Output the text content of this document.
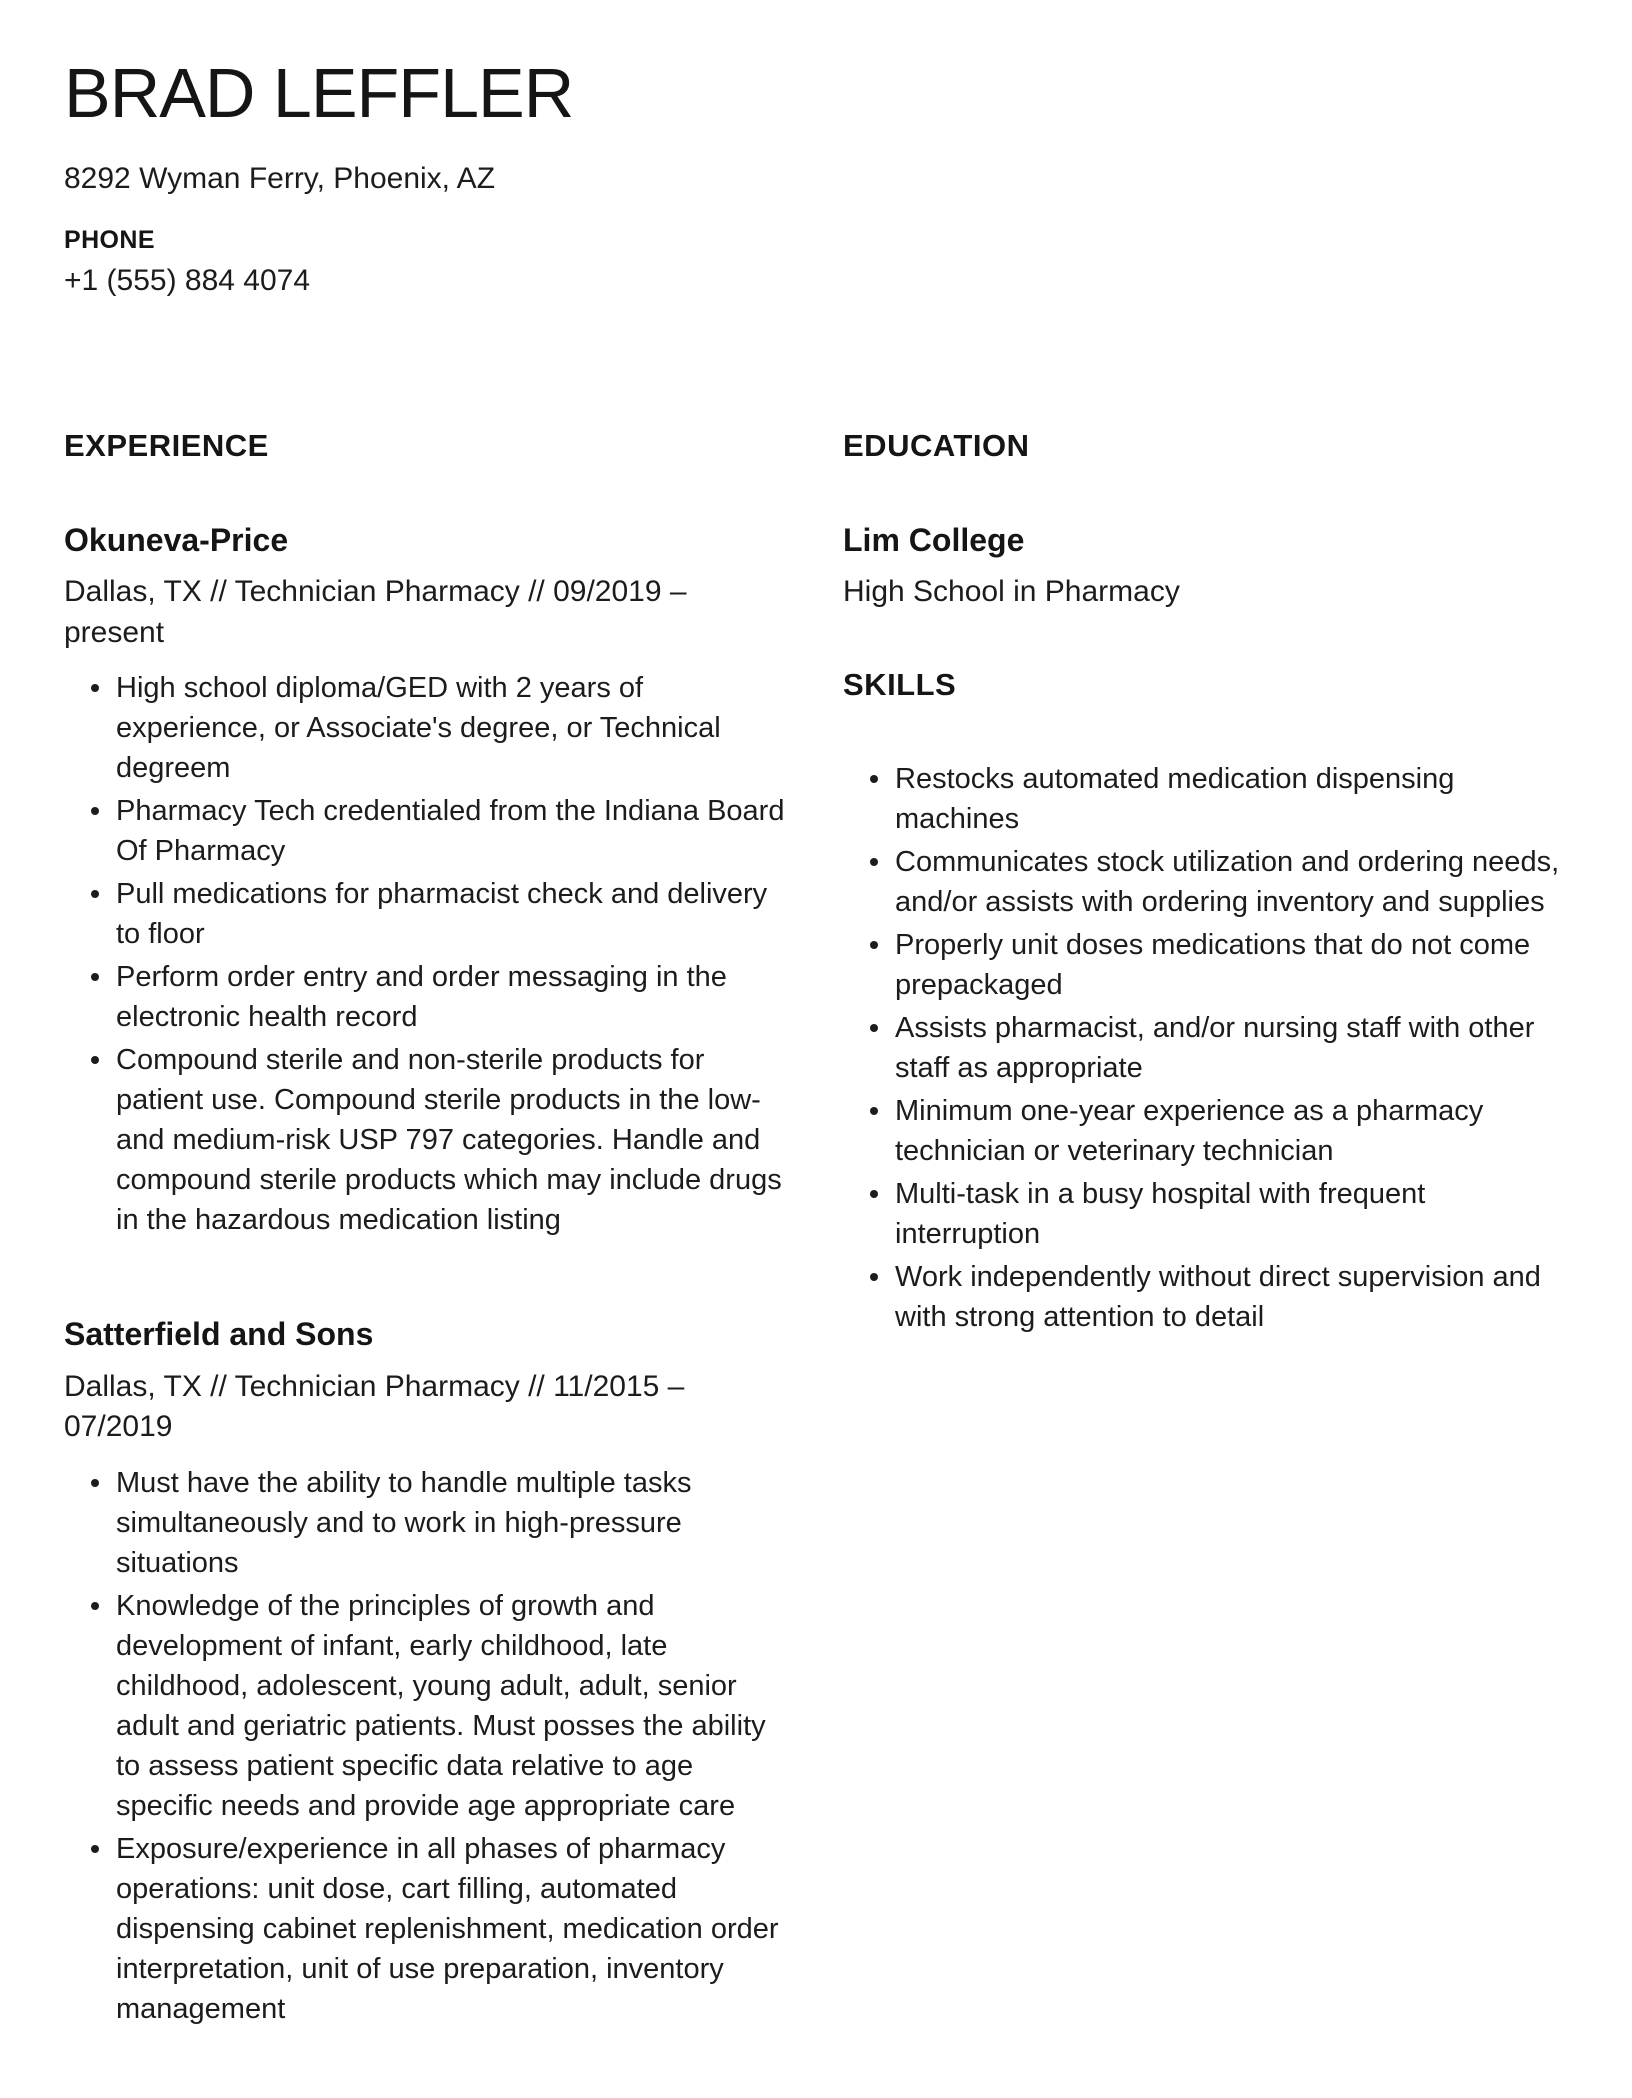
BRAD LEFFLER
8292 Wyman Ferry, Phoenix, AZ
PHONE
+1 (555) 884 4074
EXPERIENCE
Okuneva-Price
Dallas, TX // Technician Pharmacy // 09/2019 – present
High school diploma/GED with 2 years of experience, or Associate's degree, or Technical degreem
Pharmacy Tech credentialed from the Indiana Board Of Pharmacy
Pull medications for pharmacist check and delivery to floor
Perform order entry and order messaging in the electronic health record
Compound sterile and non-sterile products for patient use. Compound sterile products in the low- and medium-risk USP 797 categories. Handle and compound sterile products which may include drugs in the hazardous medication listing
Satterfield and Sons
Dallas, TX // Technician Pharmacy // 11/2015 – 07/2019
Must have the ability to handle multiple tasks simultaneously and to work in high-pressure situations
Knowledge of the principles of growth and development of infant, early childhood, late childhood, adolescent, young adult, adult, senior adult and geriatric patients. Must posses the ability to assess patient specific data relative to age specific needs and provide age appropriate care
Exposure/experience in all phases of pharmacy operations: unit dose, cart filling, automated dispensing cabinet replenishment, medication order interpretation, unit of use preparation, inventory management
EDUCATION
Lim College
High School in Pharmacy
SKILLS
Restocks automated medication dispensing machines
Communicates stock utilization and ordering needs, and/or assists with ordering inventory and supplies
Properly unit doses medications that do not come prepackaged
Assists pharmacist, and/or nursing staff with other staff as appropriate
Minimum one-year experience as a pharmacy technician or veterinary technician
Multi-task in a busy hospital with frequent interruption
Work independently without direct supervision and with strong attention to detail
